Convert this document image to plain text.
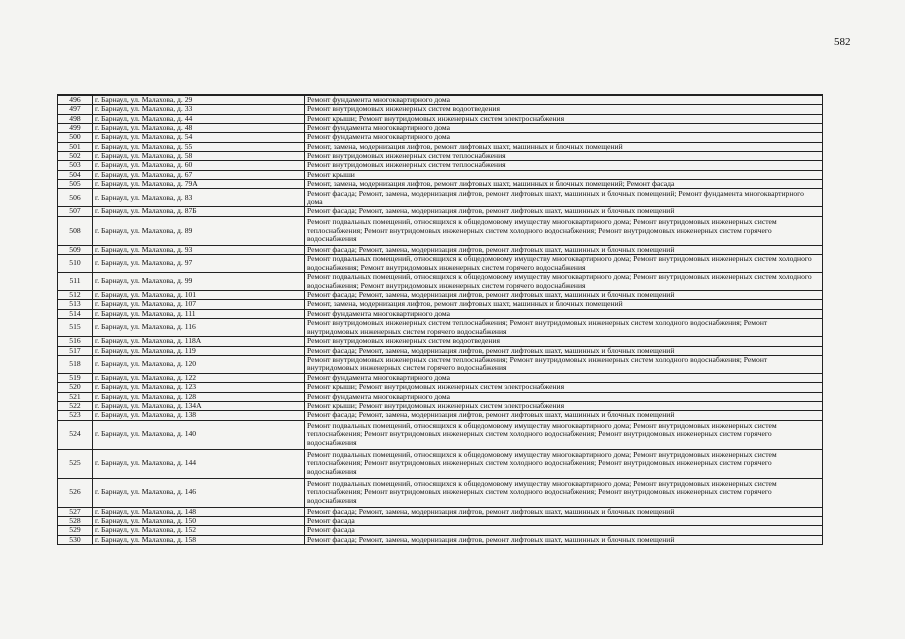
582

496	г. Барнаул, ул. Малахова, д. 29	Ремонт фундамента многоквартирного дома
497	г. Барнаул, ул. Малахова, д. 33	Ремонт внутридомовых инженерных систем водоотведения
498	г. Барнаул, ул. Малахова, д. 44	Ремонт крыши; Ремонт внутридомовых инженерных систем электроснабжения
499	г. Барнаул, ул. Малахова, д. 48	Ремонт фундамента многоквартирного дома
500	г. Барнаул, ул. Малахова, д. 54	Ремонт фундамента многоквартирного дома
501	г. Барнаул, ул. Малахова, д. 55	Ремонт, замена, модернизация лифтов, ремонт лифтовых шахт, машинных и блочных помещений
502	г. Барнаул, ул. Малахова, д. 58	Ремонт внутридомовых инженерных систем теплоснабжения
503	г. Барнаул, ул. Малахова, д. 60	Ремонт внутридомовых инженерных систем теплоснабжения
504	г. Барнаул, ул. Малахова, д. 67	Ремонт крыши
505	г. Барнаул, ул. Малахова, д. 79А	Ремонт, замена, модернизация лифтов, ремонт лифтовых шахт, машинных и блочных помещений; Ремонт фасада
506	г. Барнаул, ул. Малахова, д. 83	Ремонт фасада; Ремонт, замена, модернизация лифтов, ремонт лифтовых шахт, машинных и блочных помещений; Ремонт фундамента многоквартирного дома
507	г. Барнаул, ул. Малахова, д. 87Б	Ремонт фасада; Ремонт, замена, модернизация лифтов, ремонт лифтовых шахт, машинных и блочных помещений
508	г. Барнаул, ул. Малахова, д. 89	Ремонт подвальных помещений, относящихся к общедомовому имуществу многоквартирного дома; Ремонт внутридомовых инженерных систем теплоснабжения; Ремонт внутридомовых инженерных систем холодного водоснабжения; Ремонт внутридомовых инженерных систем горячего водоснабжения
509	г. Барнаул, ул. Малахова, д. 93	Ремонт фасада; Ремонт, замена, модернизация лифтов, ремонт лифтовых шахт, машинных и блочных помещений
510	г. Барнаул, ул. Малахова, д. 97	Ремонт подвальных помещений, относящихся к общедомовому имуществу многоквартирного дома; Ремонт внутридомовых инженерных систем холодного водоснабжения; Ремонт внутридомовых инженерных систем горячего водоснабжения
511	г. Барнаул, ул. Малахова, д. 99	Ремонт подвальных помещений, относящихся к общедомовому имуществу многоквартирного дома; Ремонт внутридомовых инженерных систем холодного водоснабжения; Ремонт внутридомовых инженерных систем горячего водоснабжения
512	г. Барнаул, ул. Малахова, д. 101	Ремонт фасада; Ремонт, замена, модернизация лифтов, ремонт лифтовых шахт, машинных и блочных помещений
513	г. Барнаул, ул. Малахова, д. 107	Ремонт, замена, модернизация лифтов, ремонт лифтовых шахт, машинных и блочных помещений
514	г. Барнаул, ул. Малахова, д. 111	Ремонт фундамента многоквартирного дома
515	г. Барнаул, ул. Малахова, д. 116	Ремонт внутридомовых инженерных систем теплоснабжения; Ремонт внутридомовых инженерных систем холодного водоснабжения; Ремонт внутридомовых инженерных систем горячего водоснабжения
516	г. Барнаул, ул. Малахова, д. 118А	Ремонт внутридомовых инженерных систем водоотведения
517	г. Барнаул, ул. Малахова, д. 119	Ремонт фасада; Ремонт, замена, модернизация лифтов, ремонт лифтовых шахт, машинных и блочных помещений
518	г. Барнаул, ул. Малахова, д. 120	Ремонт внутридомовых инженерных систем теплоснабжения; Ремонт внутридомовых инженерных систем холодного водоснабжения; Ремонт внутридомовых инженерных систем горячего водоснабжения
519	г. Барнаул, ул. Малахова, д. 122	Ремонт фундамента многоквартирного дома
520	г. Барнаул, ул. Малахова, д. 123	Ремонт крыши; Ремонт внутридомовых инженерных систем электроснабжения
521	г. Барнаул, ул. Малахова, д. 128	Ремонт фундамента многоквартирного дома
522	г. Барнаул, ул. Малахова, д. 134А	Ремонт крыши; Ремонт внутридомовых инженерных систем электроснабжения
523	г. Барнаул, ул. Малахова, д. 138	Ремонт фасада; Ремонт, замена, модернизация лифтов, ремонт лифтовых шахт, машинных и блочных помещений
524	г. Барнаул, ул. Малахова, д. 140	Ремонт подвальных помещений, относящихся к общедомовому имуществу многоквартирного дома; Ремонт внутридомовых инженерных систем теплоснабжения; Ремонт внутридомовых инженерных систем холодного водоснабжения; Ремонт внутридомовых инженерных систем горячего водоснабжения
525	г. Барнаул, ул. Малахова, д. 144	Ремонт подвальных помещений, относящихся к общедомовому имуществу многоквартирного дома; Ремонт внутридомовых инженерных систем теплоснабжения; Ремонт внутридомовых инженерных систем холодного водоснабжения; Ремонт внутридомовых инженерных систем горячего водоснабжения
526	г. Барнаул, ул. Малахова, д. 146	Ремонт подвальных помещений, относящихся к общедомовому имуществу многоквартирного дома; Ремонт внутридомовых инженерных систем теплоснабжения; Ремонт внутридомовых инженерных систем холодного водоснабжения; Ремонт внутридомовых инженерных систем горячего водоснабжения
527	г. Барнаул, ул. Малахова, д. 148	Ремонт фасада; Ремонт, замена, модернизация лифтов, ремонт лифтовых шахт, машинных и блочных помещений
528	г. Барнаул, ул. Малахова, д. 150	Ремонт фасада
529	г. Барнаул, ул. Малахова, д. 152	Ремонт фасада
530	г. Барнаул, ул. Малахова, д. 158	Ремонт фасада; Ремонт, замена, модернизация лифтов, ремонт лифтовых шахт, машинных и блочных помещений
